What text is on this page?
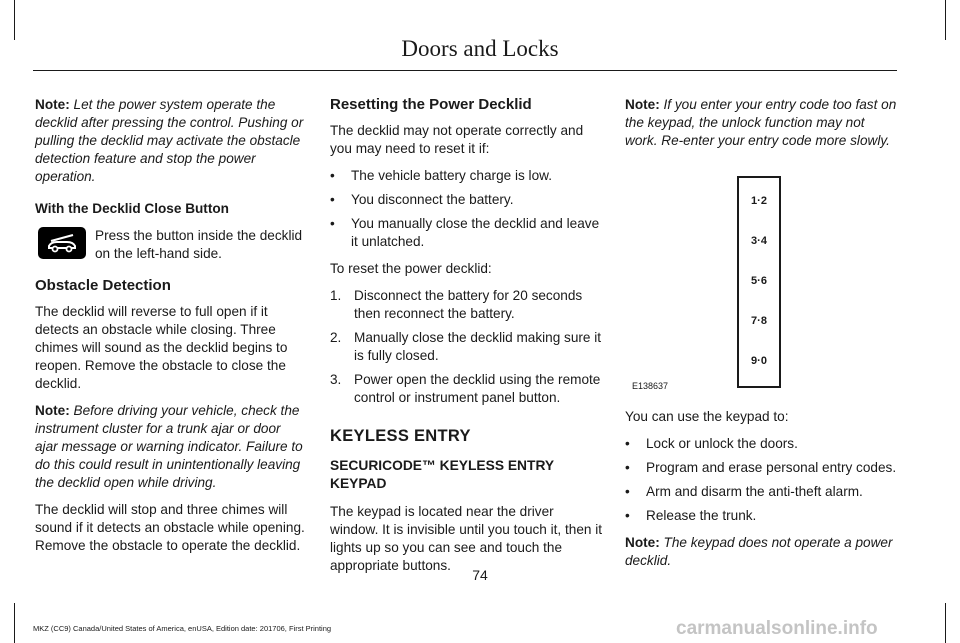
Doors and Locks

Note: Let the power system operate the decklid after pressing the control. Pushing or pulling the decklid may activate the obstacle detection feature and stop the power operation.

With the Decklid Close Button

Press the button inside the decklid on the left-hand side.
Obstacle Detection

The decklid will reverse to full open if it detects an obstacle while closing. Three chimes will sound as the decklid begins to reopen. Remove the obstacle to close the decklid.

Note: Before driving your vehicle, check the instrument cluster for a trunk ajar or door ajar message or warning indicator. Failure to do this could result in unintentionally leaving the decklid open while driving.

The decklid will stop and three chimes will sound if it detects an obstacle while opening. Remove the obstacle to operate the decklid.

Resetting the Power Decklid

The decklid may not operate correctly and you may need to reset it if:

• The vehicle battery charge is low.
• You disconnect the battery.
• You manually close the decklid and leave it unlatched.

To reset the power decklid:

1. Disconnect the battery for 20 seconds then reconnect the battery.
2. Manually close the decklid making sure it is fully closed.
3. Power open the decklid using the remote control or instrument panel button.
KEYLESS ENTRY
SECURICODE™ KEYLESS ENTRY KEYPAD

The keypad is located near the driver window. It is invisible until you touch it, then it lights up so you can see and touch the appropriate buttons.

Note: If you enter your entry code too fast on the keypad, the unlock function may not work. Re-enter your entry code more slowly.

1·2
3·4
5·6
7·8
9·0
E138637

You can use the keypad to:

• Lock or unlock the doors.
• Program and erase personal entry codes.
• Arm and disarm the anti-theft alarm.
• Release the trunk.

Note: The keypad does not operate a power decklid.

74
MKZ (CC9) Canada/United States of America, enUSA, Edition date: 201706, First Printing	carmanualsonline.info
